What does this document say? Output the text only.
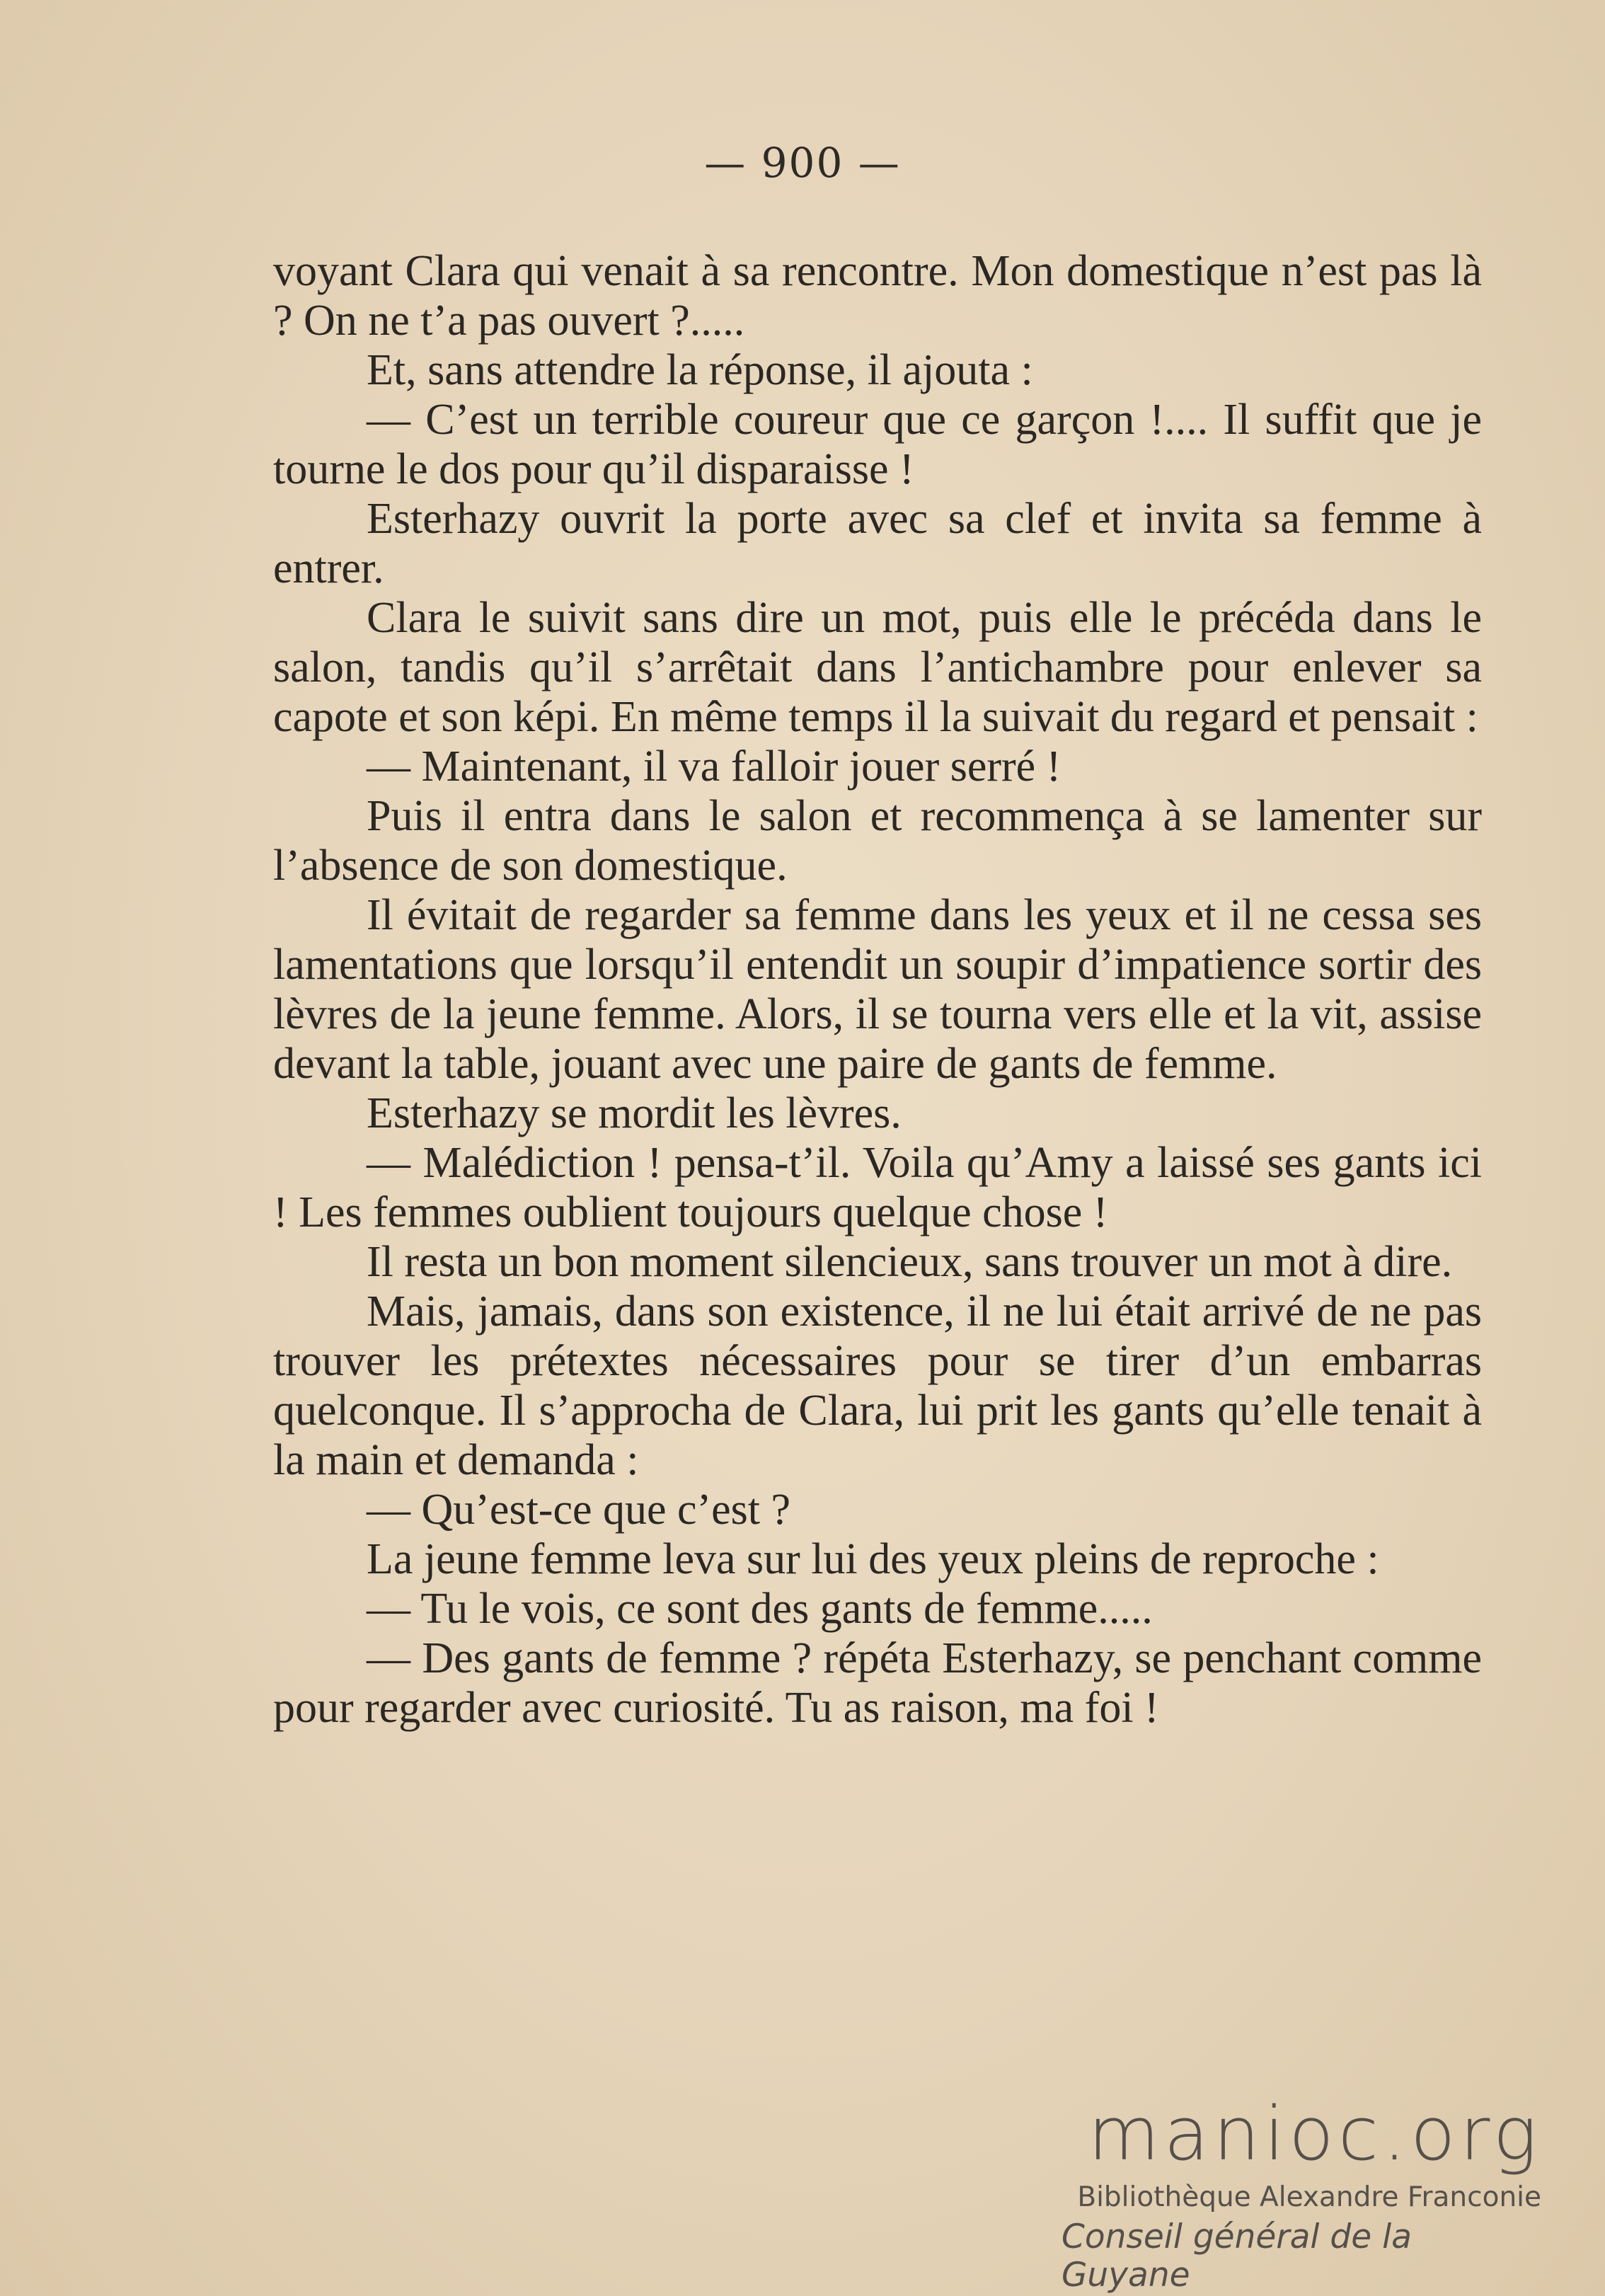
— 900 —

voyant Clara qui venait à sa rencontre. Mon domestique n’est pas là ? On ne t’a pas ouvert ?.....

Et, sans attendre la réponse, il ajouta :

— C’est un terrible coureur que ce garçon !.... Il suffit que je tourne le dos pour qu’il disparaisse !

Esterhazy ouvrit la porte avec sa clef et invita sa femme à entrer.

Clara le suivit sans dire un mot, puis elle le précéda dans le salon, tandis qu’il s’arrêtait dans l’antichambre pour enlever sa capote et son képi. En même temps il la suivait du regard et pensait :

— Maintenant, il va falloir jouer serré !

Puis il entra dans le salon et recommença à se lamenter sur l’absence de son domestique.

Il évitait de regarder sa femme dans les yeux et il ne cessa ses lamentations que lorsqu’il entendit un soupir d’impatience sortir des lèvres de la jeune femme. Alors, il se tourna vers elle et la vit, assise devant la table, jouant avec une paire de gants de femme.

Esterhazy se mordit les lèvres.

— Malédiction ! pensa-t’il. Voila qu’Amy a laissé ses gants ici ! Les femmes oublient toujours quelque chose !

Il resta un bon moment silencieux, sans trouver un mot à dire.

Mais, jamais, dans son existence, il ne lui était arrivé de ne pas trouver les prétextes nécessaires pour se tirer d’un embarras quelconque. Il s’approcha de Clara, lui prit les gants qu’elle tenait à la main et demanda :

— Qu’est-ce que c’est ?

La jeune femme leva sur lui des yeux pleins de reproche :

— Tu le vois, ce sont des gants de femme.....

— Des gants de femme ? répéta Esterhazy, se penchant comme pour regarder avec curiosité. Tu as raison, ma foi !

manioc.org
Bibliothèque Alexandre Franconie
Conseil général de la Guyane
